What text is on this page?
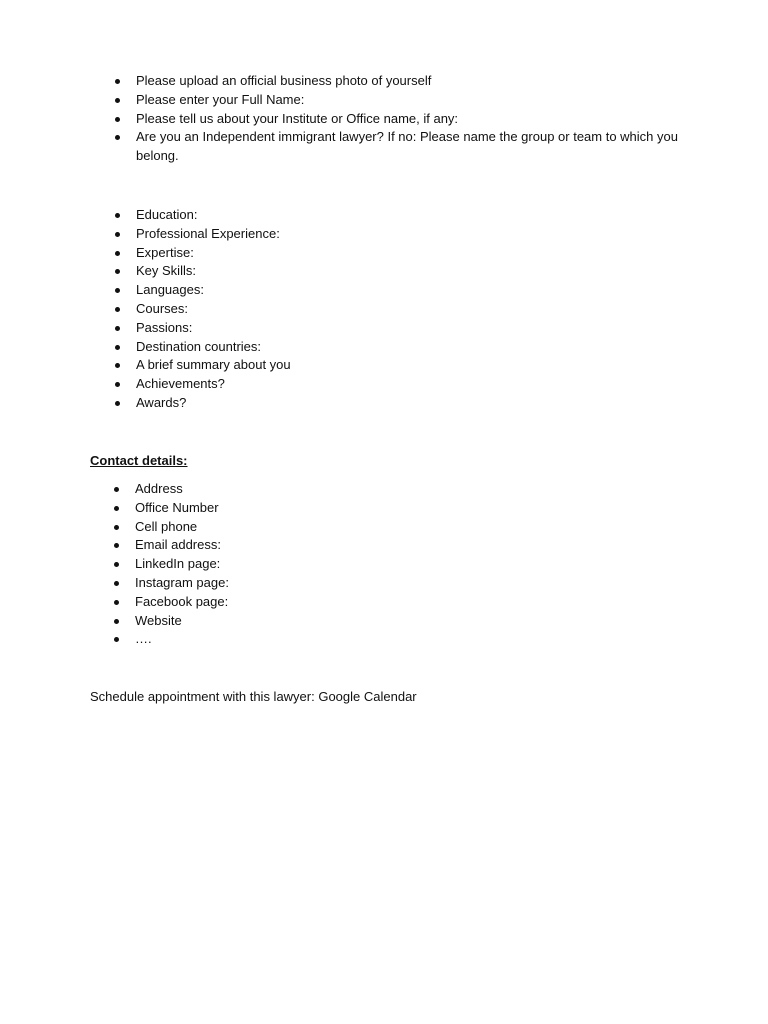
Please upload an official business photo of yourself
Please enter your Full Name:
Please tell us about your Institute or Office name, if any:
Are you an Independent immigrant lawyer? If no: Please name the group or team to which you belong.
Education:
Professional Experience:
Expertise:
Key Skills:
Languages:
Courses:
Passions:
Destination countries:
A brief summary about you
Achievements?
Awards?
Contact details:
Address
Office Number
Cell phone
Email address:
LinkedIn page:
Instagram page:
Facebook page:
Website
….
Schedule appointment with this lawyer: Google Calendar
